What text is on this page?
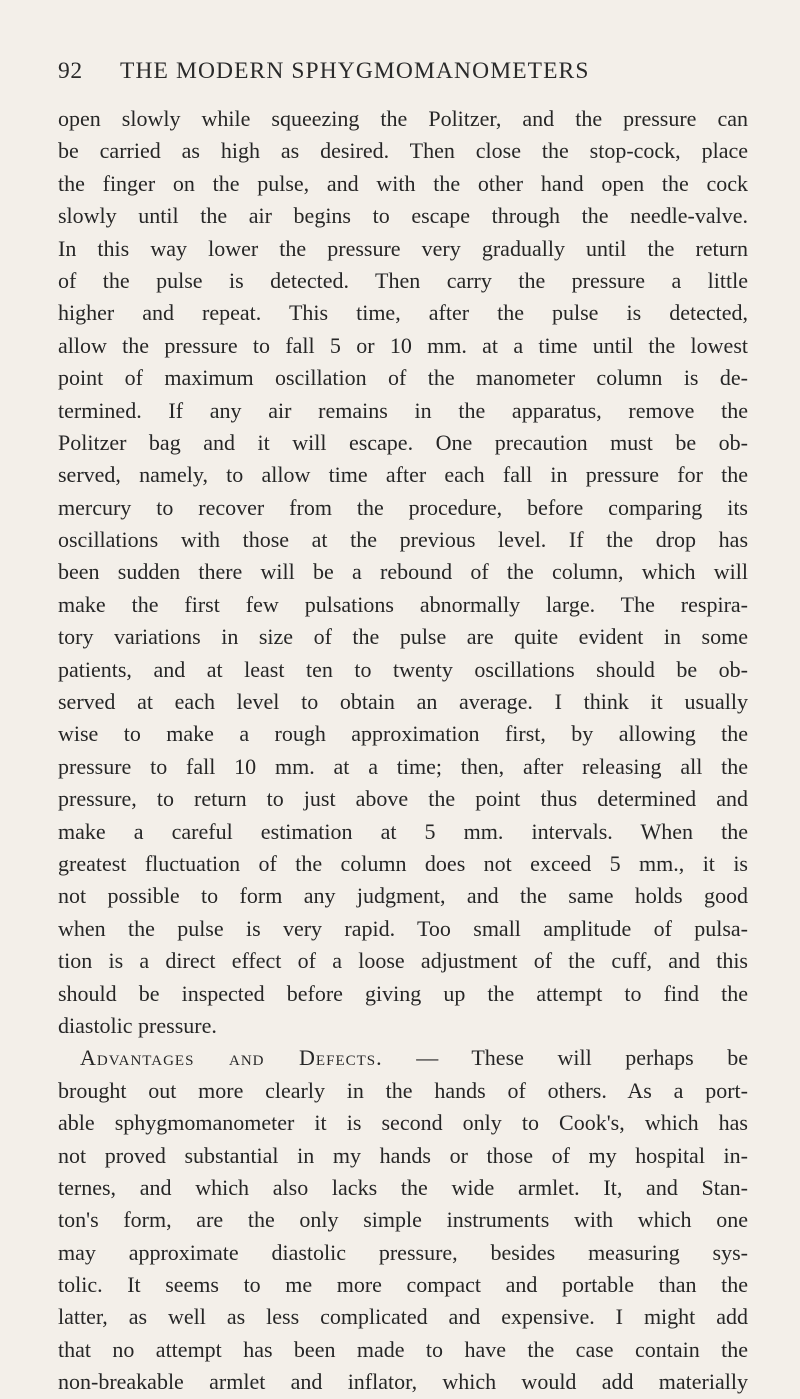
92 THE MODERN SPHYGMOMANOMETERS
open slowly while squeezing the Politzer, and the pressure can
be carried as high as desired. Then close the stop-cock, place
the finger on the pulse, and with the other hand open the cock
slowly until the air begins to escape through the needle-valve.
In this way lower the pressure very gradually until the return
of the pulse is detected. Then carry the pressure a little
higher and repeat. This time, after the pulse is detected,
allow the pressure to fall 5 or 10 mm. at a time until the lowest
point of maximum oscillation of the manometer column is de-
termined. If any air remains in the apparatus, remove the
Politzer bag and it will escape. One precaution must be ob-
served, namely, to allow time after each fall in pressure for the
mercury to recover from the procedure, before comparing its
oscillations with those at the previous level. If the drop has
been sudden there will be a rebound of the column, which will
make the first few pulsations abnormally large. The respira-
tory variations in size of the pulse are quite evident in some
patients, and at least ten to twenty oscillations should be ob-
served at each level to obtain an average. I think it usually
wise to make a rough approximation first, by allowing the
pressure to fall 10 mm. at a time; then, after releasing all the
pressure, to return to just above the point thus determined and
make a careful estimation at 5 mm. intervals. When the
greatest fluctuation of the column does not exceed 5 mm., it is
not possible to form any judgment, and the same holds good
when the pulse is very rapid. Too small amplitude of pulsa-
tion is a direct effect of a loose adjustment of the cuff, and this
should be inspected before giving up the attempt to find the
diastolic pressure.
Advantages and Defects. — These will perhaps be
brought out more clearly in the hands of others. As a port-
able sphygmomanometer it is second only to Cook's, which has
not proved substantial in my hands or those of my hospital in-
ternes, and which also lacks the wide armlet. It, and Stan-
ton's form, are the only simple instruments with which one
may approximate diastolic pressure, besides measuring sys-
tolic. It seems to me more compact and portable than the
latter, as well as less complicated and expensive. I might add
that no attempt has been made to have the case contain the
non-breakable armlet and inflator, which would add materially
